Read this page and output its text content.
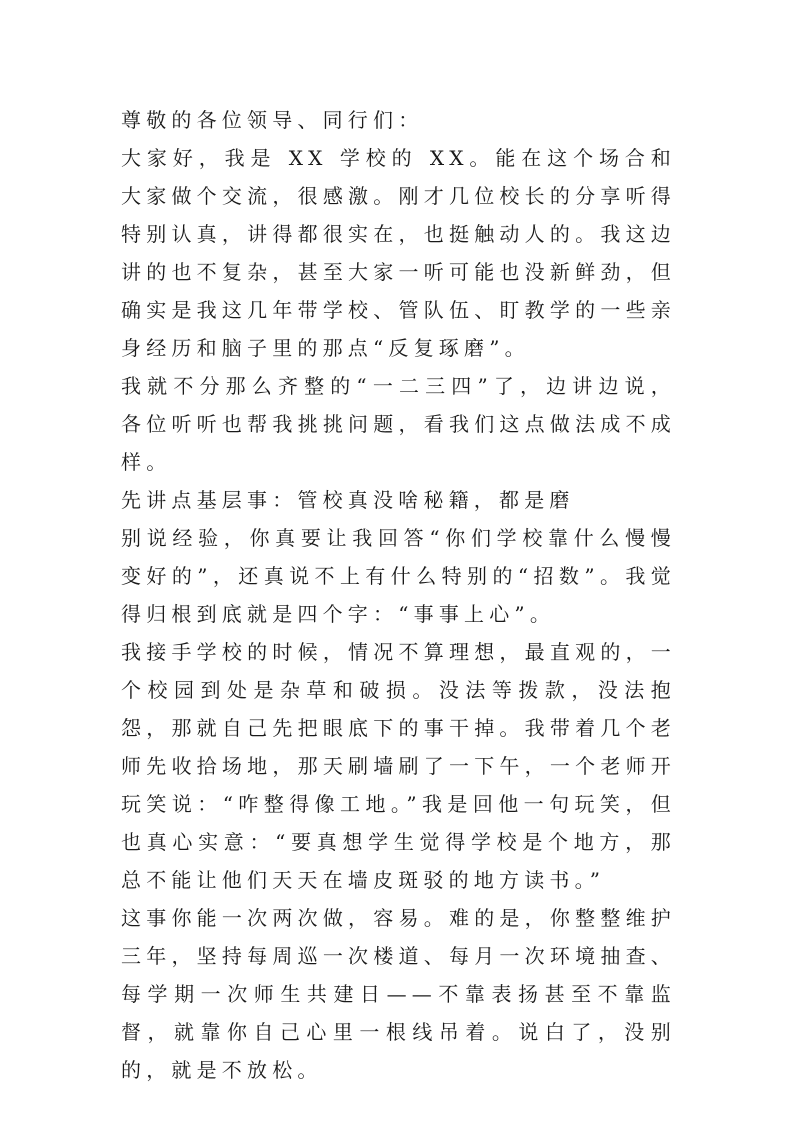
尊敬的各位领导、同行们：

大家好，我是 XX 学校的 XX。能在这个场合和大家做个交流，很感激。刚才几位校长的分享听得特别认真，讲得都很实在，也挺触动人的。我这边讲的也不复杂，甚至大家一听可能也没新鲜劲，但确实是我这几年带学校、管队伍、盯教学的一些亲身经历和脑子里的那点“反复琢磨”。

我就不分那么齐整的“一二三四”了，边讲边说，各位听听也帮我挑挑问题，看我们这点做法成不成样。

先讲点基层事：管校真没啥秘籍，都是磨

别说经验，你真要让我回答“你们学校靠什么慢慢变好的”，还真说不上有什么特别的“招数”。我觉得归根到底就是四个字：“事事上心”。

我接手学校的时候，情况不算理想，最直观的，一个校园到处是杂草和破损。没法等拨款，没法抱怨，那就自己先把眼底下的事干掉。我带着几个老师先收拾场地，那天刷墙刷了一下午，一个老师开玩笑说：“咋整得像工地。”我是回他一句玩笑，但也真心实意：“要真想学生觉得学校是个地方，那总不能让他们天天在墙皮斑驳的地方读书。”

这事你能一次两次做，容易。难的是，你整整维护三年，坚持每周巡一次楼道、每月一次环境抽查、每学期一次师生共建日——不靠表扬甚至不靠监督，就靠你自己心里一根线吊着。说白了，没别的，就是不放松。
